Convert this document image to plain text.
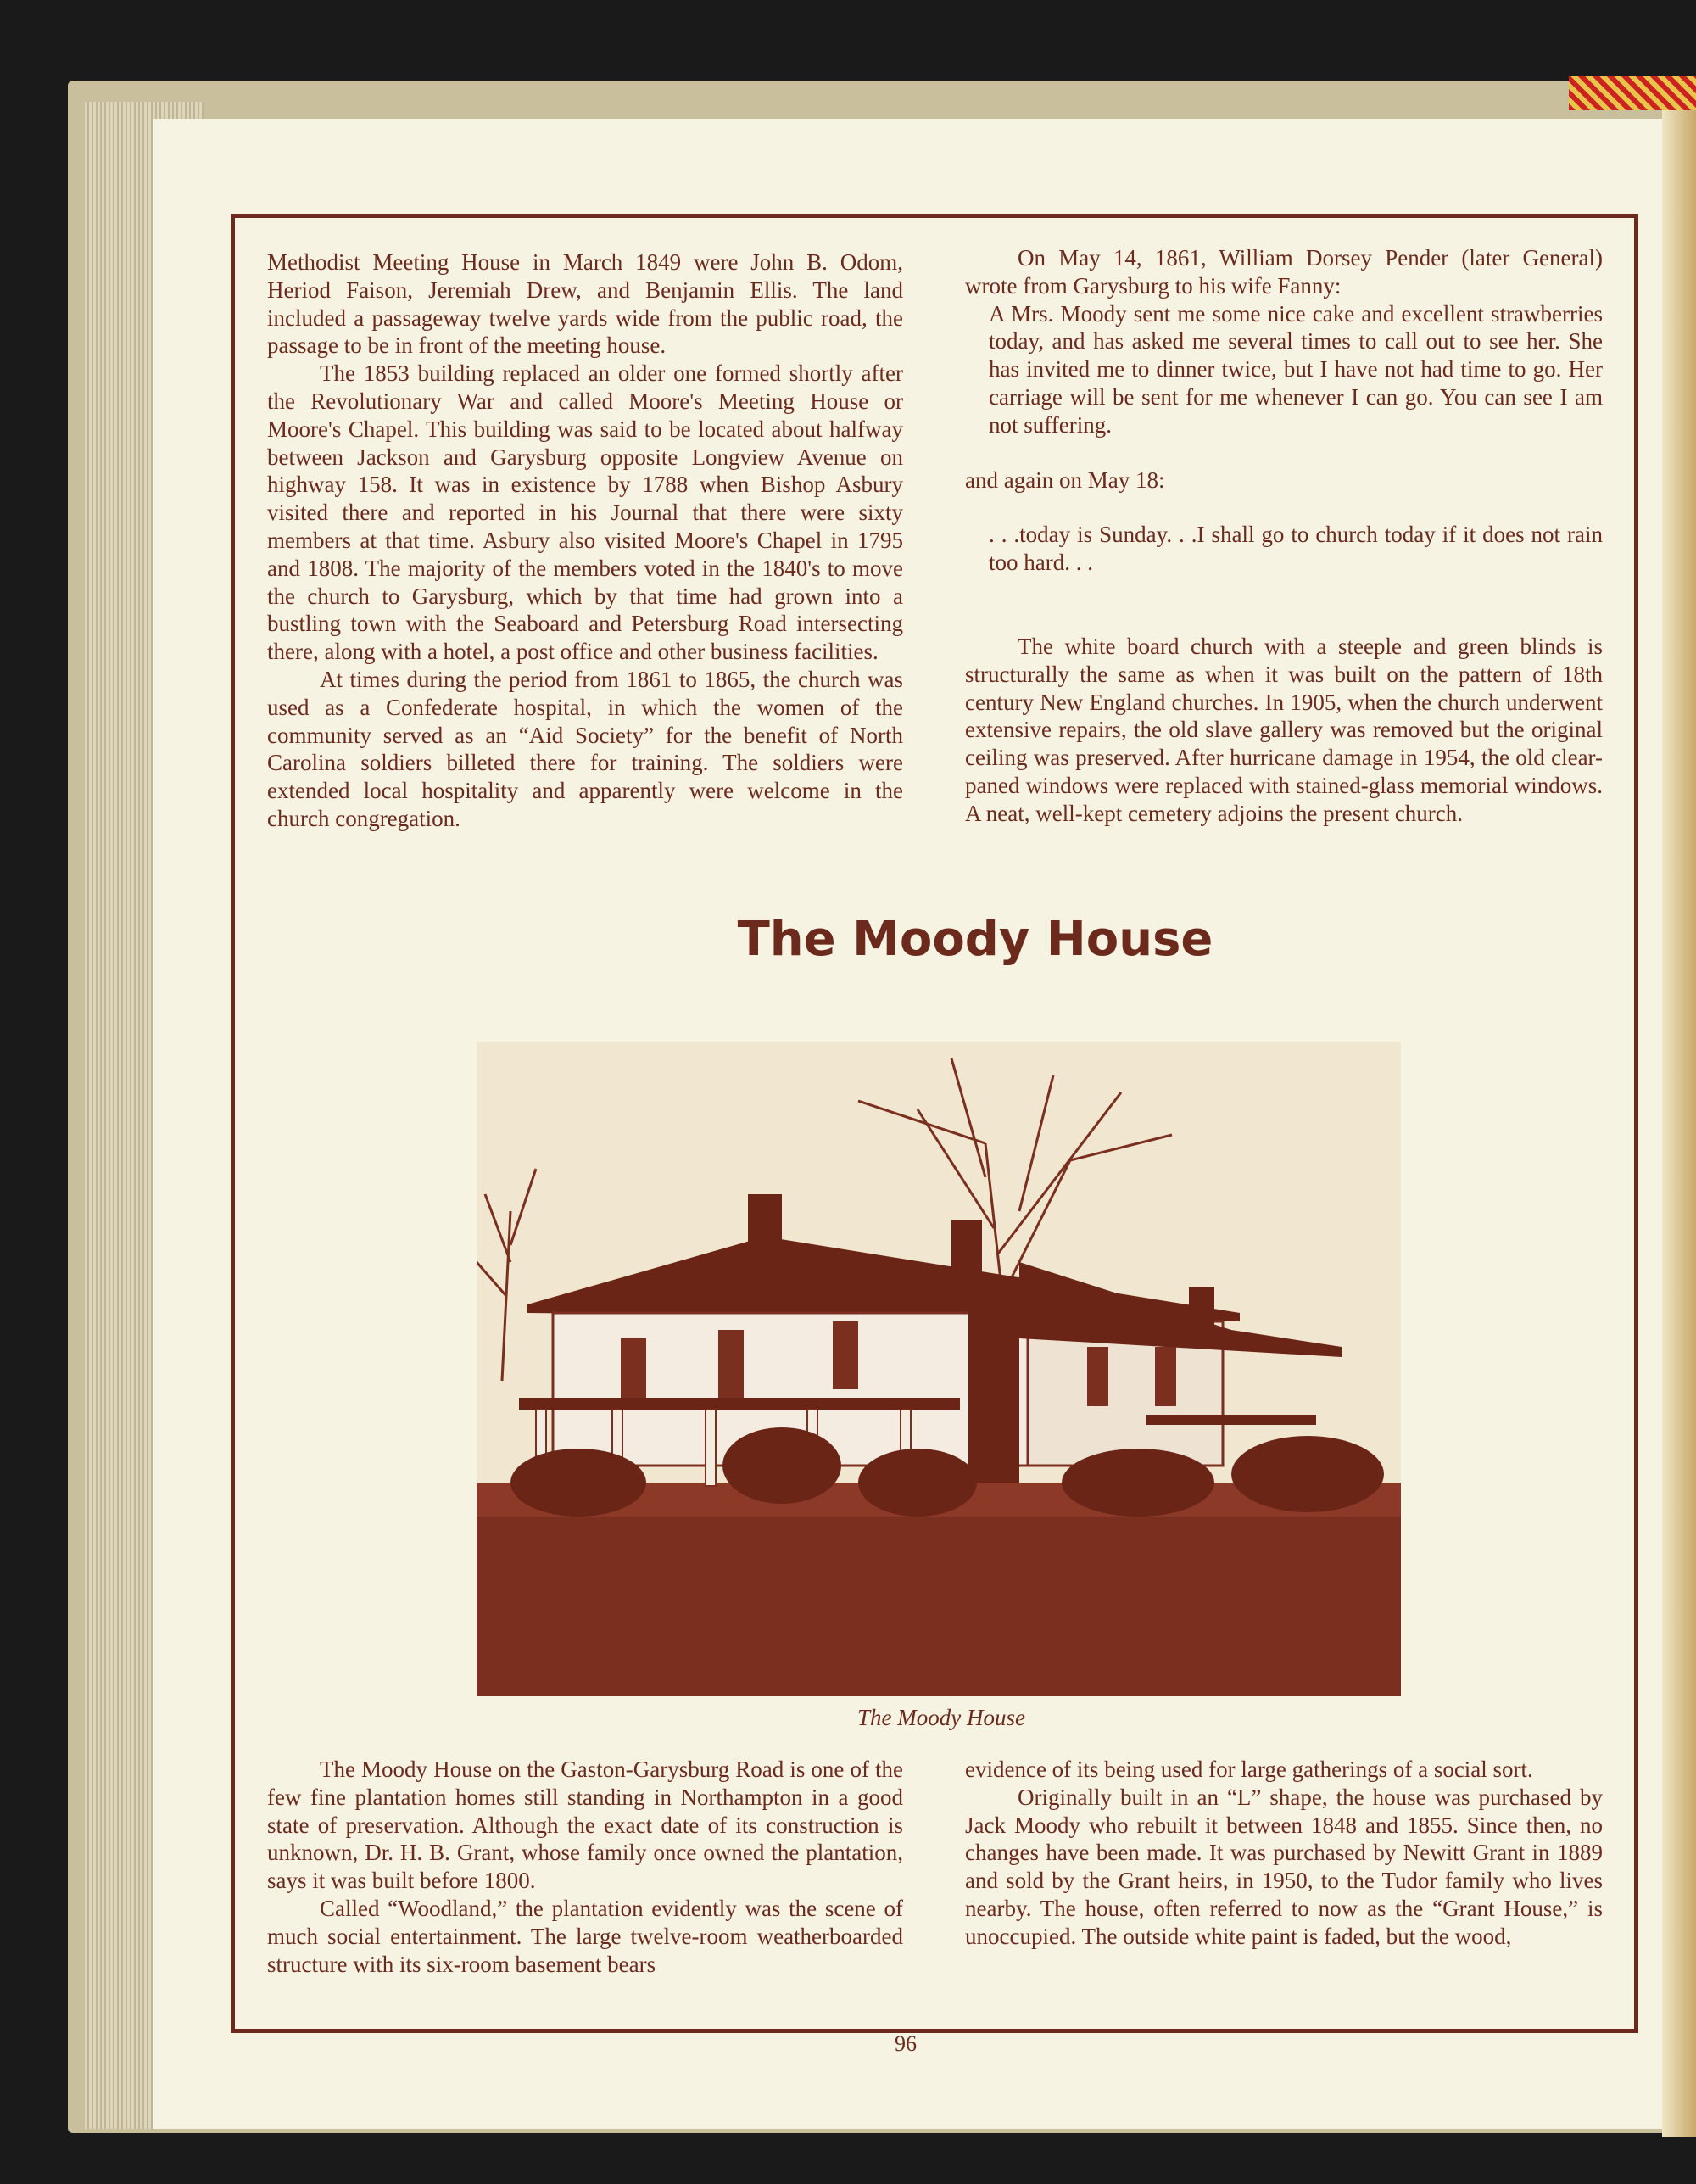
Methodist Meeting House in March 1849 were John B. Odom, Heriod Faison, Jeremiah Drew, and Benjamin Ellis. The land included a passageway twelve yards wide from the public road, the passage to be in front of the meeting house.

The 1853 building replaced an older one formed shortly after the Revolutionary War and called Moore's Meeting House or Moore's Chapel. This building was said to be located about halfway between Jackson and Garysburg opposite Longview Avenue on highway 158. It was in existence by 1788 when Bishop Asbury visited there and reported in his Journal that there were sixty members at that time. Asbury also visited Moore's Chapel in 1795 and 1808. The majority of the members voted in the 1840's to move the church to Garysburg, which by that time had grown into a bustling town with the Seaboard and Petersburg Road intersecting there, along with a hotel, a post office and other business facilities.

At times during the period from 1861 to 1865, the church was used as a Confederate hospital, in which the women of the community served as an “Aid Society” for the benefit of North Carolina soldiers billeted there for training. The soldiers were extended local hospitality and apparently were welcome in the church congregation.

On May 14, 1861, William Dorsey Pender (later General) wrote from Garysburg to his wife Fanny:

A Mrs. Moody sent me some nice cake and excellent strawberries today, and has asked me several times to call out to see her. She has invited me to dinner twice, but I have not had time to go. Her carriage will be sent for me whenever I can go. You can see I am not suffering.

and again on May 18:

. . .today is Sunday. . .I shall go to church today if it does not rain too hard. . .

The white board church with a steeple and green blinds is structurally the same as when it was built on the pattern of 18th century New England churches. In 1905, when the church underwent extensive repairs, the old slave gallery was removed but the original ceiling was preserved. After hurricane damage in 1954, the old clear-paned windows were replaced with stained-glass memorial windows. A neat, well-kept cemetery adjoins the present church.

The Moody House
The Moody House

The Moody House on the Gaston-Garysburg Road is one of the few fine plantation homes still standing in Northampton in a good state of preservation. Although the exact date of its construction is unknown, Dr. H. B. Grant, whose family once owned the plantation, says it was built before 1800.

Called “Woodland,” the plantation evidently was the scene of much social entertainment. The large twelve-room weatherboarded structure with its six-room basement bears

evidence of its being used for large gatherings of a social sort.

Originally built in an “L” shape, the house was purchased by Jack Moody who rebuilt it between 1848 and 1855. Since then, no changes have been made. It was purchased by Newitt Grant in 1889 and sold by the Grant heirs, in 1950, to the Tudor family who lives nearby. The house, often referred to now as the “Grant House,” is unoccupied. The outside white paint is faded, but the wood,

96
